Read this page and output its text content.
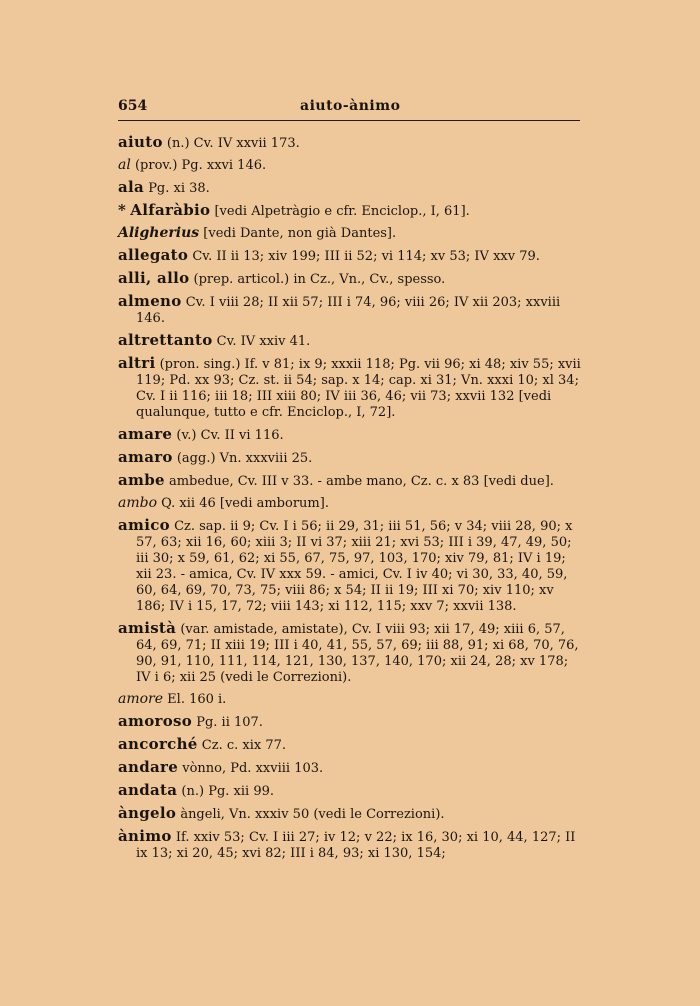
654	aiuto-ànimo
aiuto (n.) Cv. IV xxvii 173.
al (prov.) Pg. xxvi 146.
ala Pg. xi 38.
* Alfaràbio [vedi Alpetràgio e cfr. Enciclop., I, 61].
Aligherius [vedi Dante, non già Dantes].
allegato Cv. II ii 13; xiv 199; III ii 52; vi 114; xv 53; IV xxv 79.
alli, allo (prep. articol.) in Cz., Vn., Cv., spesso.
almeno Cv. I viii 28; II xii 57; III i 74, 96; viii 26; IV xii 203; xxviii 146.
altrettanto Cv. IV xxiv 41.
altri (pron. sing.) If. v 81; ix 9; xxxii 118; Pg. vii 96; xi 48; xiv 55; xvii 119; Pd. xx 93; Cz. st. ii 54; sap. x 14; cap. xi 31; Vn. xxxi 10; xl 34; Cv. I ii 116; iii 18; III xiii 80; IV iii 36, 46; vii 73; xxvii 132 [vedi qualunque, tutto e cfr. Enciclop., I, 72].
amare (v.) Cv. II vi 116.
amaro (agg.) Vn. xxxviii 25.
ambe ambedue, Cv. III v 33. - ambe mano, Cz. c. x 83 [vedi due].
ambo Q. xii 46 [vedi amborum].
amico Cz. sap. ii 9; Cv. I i 56; ii 29, 31; iii 51, 56; v 34; viii 28, 90; x 57, 63; xii 16, 60; xiii 3; II vi 37; xiii 21; xvi 53; III i 39, 47, 49, 50; iii 30; x 59, 61, 62; xi 55, 67, 75, 97, 103, 170; xiv 79, 81; IV i 19; xii 23. - amica, Cv. IV xxx 59. - amici, Cv. I iv 40; vi 30, 33, 40, 59, 60, 64, 69, 70, 73, 75; viii 86; x 54; II ii 19; III xi 70; xiv 110; xv 186; IV i 15, 17, 72; viii 143; xi 112, 115; xxv 7; xxvii 138.
amistà (var. amistade, amistate), Cv. I viii 93; xii 17, 49; xiii 6, 57, 64, 69, 71; II xiii 19; III i 40, 41, 55, 57, 69; iii 88, 91; xi 68, 70, 76, 90, 91, 110, 111, 114, 121, 130, 137, 140, 170; xii 24, 28; xv 178; IV i 6; xii 25 (vedi le Correzioni).
amore El. 160 i.
amoroso Pg. ii 107.
ancorché Cz. c. xix 77.
andare vònno, Pd. xxviii 103.
andata (n.) Pg. xii 99.
àngelo àngeli, Vn. xxxiv 50 (vedi le Correzioni).
ànimo If. xxiv 53; Cv. I iii 27; iv 12; v 22; ix 16, 30; xi 10, 44, 127; II ix 13; xi 20, 45; xvi 82; III i 84, 93; xi 130, 154;
